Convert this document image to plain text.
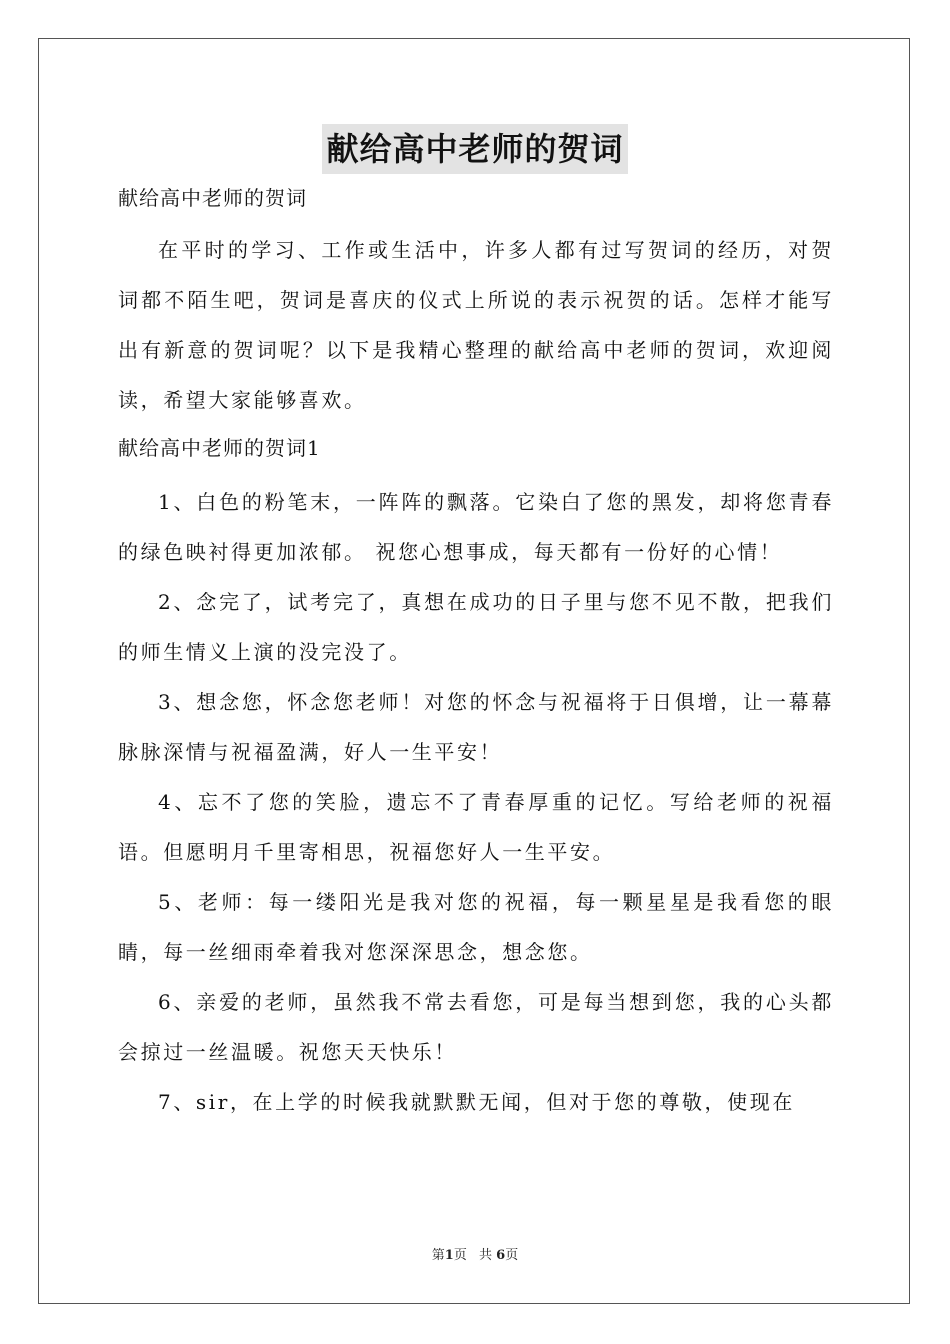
献给高中老师的贺词

献给高中老师的贺词

在平时的学习、工作或生活中，许多人都有过写贺词的经历，对贺词都不陌生吧，贺词是喜庆的仪式上所说的表示祝贺的话。怎样才能写出有新意的贺词呢？以下是我精心整理的献给高中老师的贺词，欢迎阅读，希望大家能够喜欢。

献给高中老师的贺词1

1、白色的粉笔末，一阵阵的飘落。它染白了您的黑发，却将您青春的绿色映衬得更加浓郁。 祝您心想事成，每天都有一份好的心情！

2、念完了，试考完了，真想在成功的日子里与您不见不散，把我们的师生情义上演的没完没了。

3、想念您，怀念您老师！对您的怀念与祝福将于日俱增，让一幕幕脉脉深情与祝福盈满，好人一生平安！

4、忘不了您的笑脸，遗忘不了青春厚重的记忆。写给老师的祝福语。但愿明月千里寄相思，祝福您好人一生平安。

5、老师：每一缕阳光是我对您的祝福，每一颗星星是我看您的眼睛，每一丝细雨牵着我对您深深思念，想念您。

6、亲爱的老师，虽然我不常去看您，可是每当想到您，我的心头都会掠过一丝温暖。祝您天天快乐！

7、sir，在上学的时候我就默默无闻，但对于您的尊敬，使现在

第1页 共 6页
